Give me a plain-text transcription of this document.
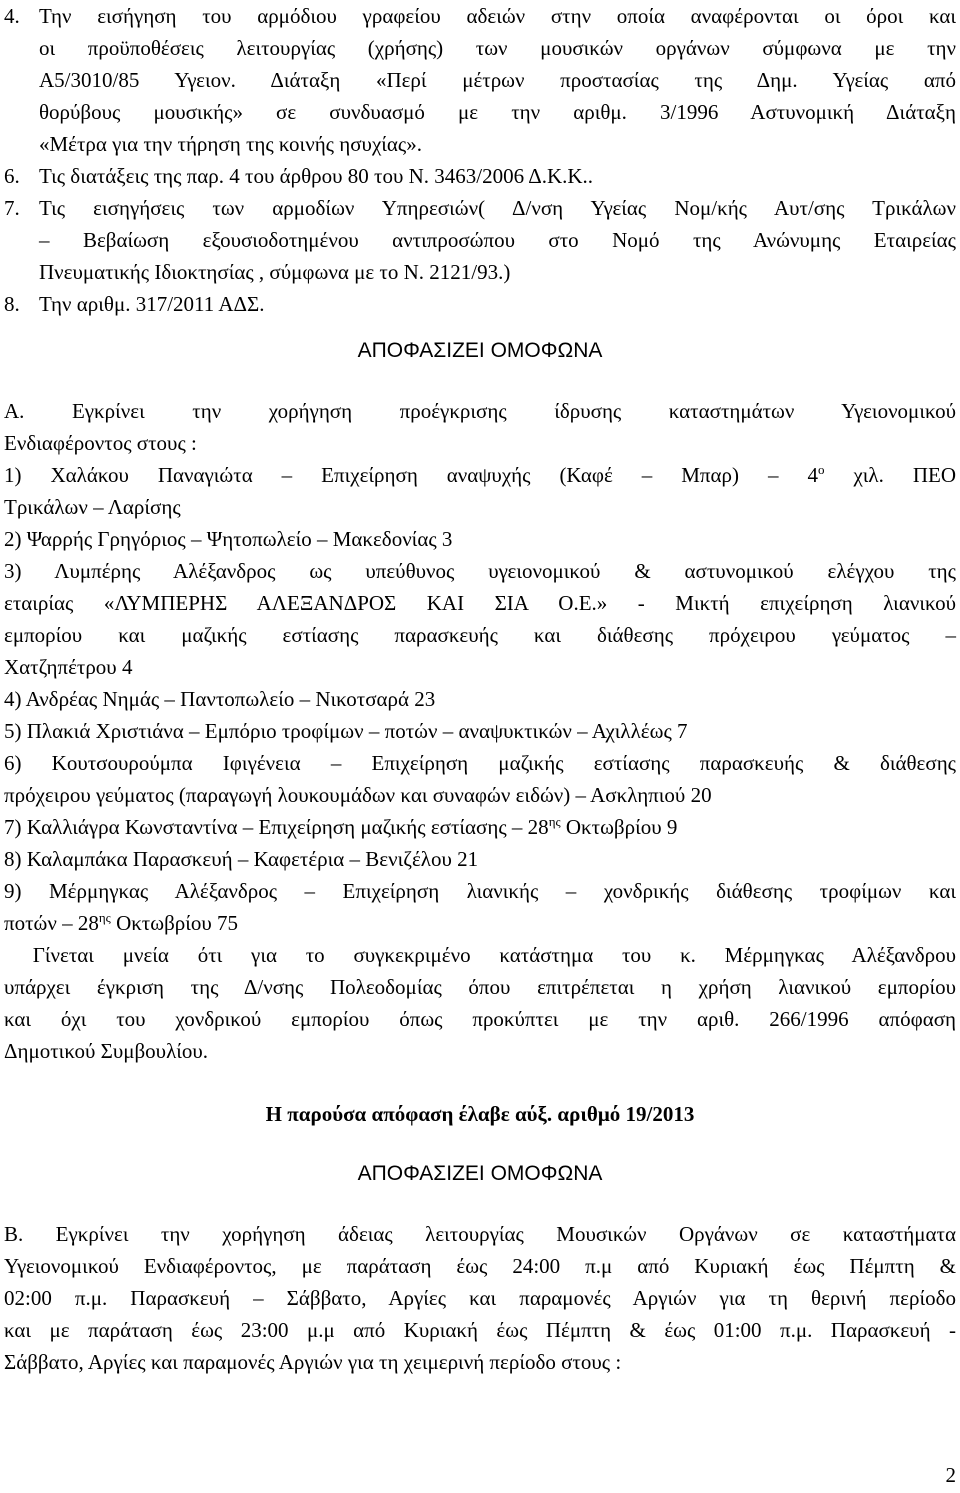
4. Την εισήγηση του αρμόδιου γραφείου αδειών στην οποία αναφέρονται οι όροι και
οι προϋποθέσεις λειτουργίας (χρήσης) των μουσικών οργάνων σύμφωνα με την
Α5/3010/85 Υγειον. Διάταξη «Περί μέτρων προστασίας της Δημ. Υγείας από
θορύβους μουσικής» σε συνδυασμό με την αριθμ. 3/1996 Αστυνομική Διάταξη
«Μέτρα για την τήρηση της κοινής ησυχίας».
6. Τις διατάξεις της παρ. 4 του άρθρου 80 του Ν. 3463/2006 Δ.Κ.Κ..
7. Τις εισηγήσεις των αρμοδίων Υπηρεσιών( Δ/νση Υγείας Νομ/κής Αυτ/σης Τρικάλων
– Βεβαίωση εξουσιοδοτημένου αντιπροσώπου στο Νομό της Ανώνυμης Εταιρείας
Πνευματικής Ιδιοκτησίας , σύμφωνα με το Ν. 2121/93.)
8. Την αριθμ. 317/2011 ΑΔΣ.
ΑΠΟΦΑΣΙΖΕΙ ΟΜΟΦΩΝΑ
Α. Εγκρίνει την χορήγηση προέγκρισης ίδρυσης καταστημάτων Υγειονομικού
Ενδιαφέροντος στους :
1) Χαλάκου Παναγιώτα – Επιχείρηση αναψυχής $(K\alpha\varphi έ - M\pi\alpha\rho) - 4^o$ χιλ. ΠΕΟ
Τρικάλων – Λαρίσης
2) Ψαρρής Γρηγόριος – Ψητοπωλείο – Μακεδονίας 3
3) Λυμπέρης Αλέξανδρος ως υπεύθυνος υγειονομικού & αστυνομικού ελέγχου της
εταιρίας «ΛΥΜΠΕΡΗΣ ΑΛΕΞΑΝΔΡΟΣ ΚΑΙ ΣΙΑ Ο.Ε.» - Μικτή επιχείρηση λιανικού
εμπορίου και μαζικής εστίασης παρασκευής και διάθεσης πρόχειρου γεύματος –
Χατζηπέτρου 4
4) Ανδρέας Νημάς – Παντοπωλείο – Νικοτσαρά 23
5) Πλακιά Χριστιάνα – Εμπόριο τροφίμων – ποτών – αναψυκτικών – Αχιλλέως 7
6) Κουτσουρούμπα Ιφιγένεια – Επιχείρηση μαζικής εστίασης παρασκευής & διάθεσης
πρόχειρου γεύματος (παραγωγή λουκουμάδων και συναφών ειδών) – Ασκληπιού 20
7) Καλλιάγρα Κωνσταντίνα – Επιχείρηση μαζικής εστίασης – $28^{\eta\varsigma}$ Οκτωβρίου 9
8) Καλαμπάκα Παρασκευή – Καφετέρια – Βενιζέλου 21
9) Μέρμηγκας Αλέξανδρος – Επιχείρηση λιανικής – χονδρικής διάθεσης τροφίμων και
ποτών – $28^{\eta\varsigma}$ Οκτωβρίου 75
Γίνεται μνεία ότι για το συγκεκριμένο κατάστημα του κ. Μέρμηγκας Αλέξανδρου
υπάρχει έγκριση της Δ/νσης Πολεοδομίας όπου επιτρέπεται η χρήση λιανικού εμπορίου
και όχι του χονδρικού εμπορίου όπως προκύπτει με την αριθ. 266/1996 απόφαση
Δημοτικού Συμβουλίου.
Η παρούσα απόφαση έλαβε αύξ. αριθμό 19/2013
ΑΠΟΦΑΣΙΖΕΙ ΟΜΟΦΩΝΑ
Β. Εγκρίνει την χορήγηση άδειας λειτουργίας Μουσικών Οργάνων σε καταστήματα
Υγειονομικού Ενδιαφέροντος, με παράταση έως 24:00 π.μ από Κυριακή έως Πέμπτη &
02:00 π.μ. Παρασκευή – Σάββατο, Αργίες και παραμονές Αργιών για τη θερινή περίοδο
και με παράταση έως 23:00 μ.μ από Κυριακή έως Πέμπτη & έως 01:00 π.μ. Παρασκευή -
Σάββατο, Αργίες και παραμονές Αργιών για τη χειμερινή περίοδο στους :
2
